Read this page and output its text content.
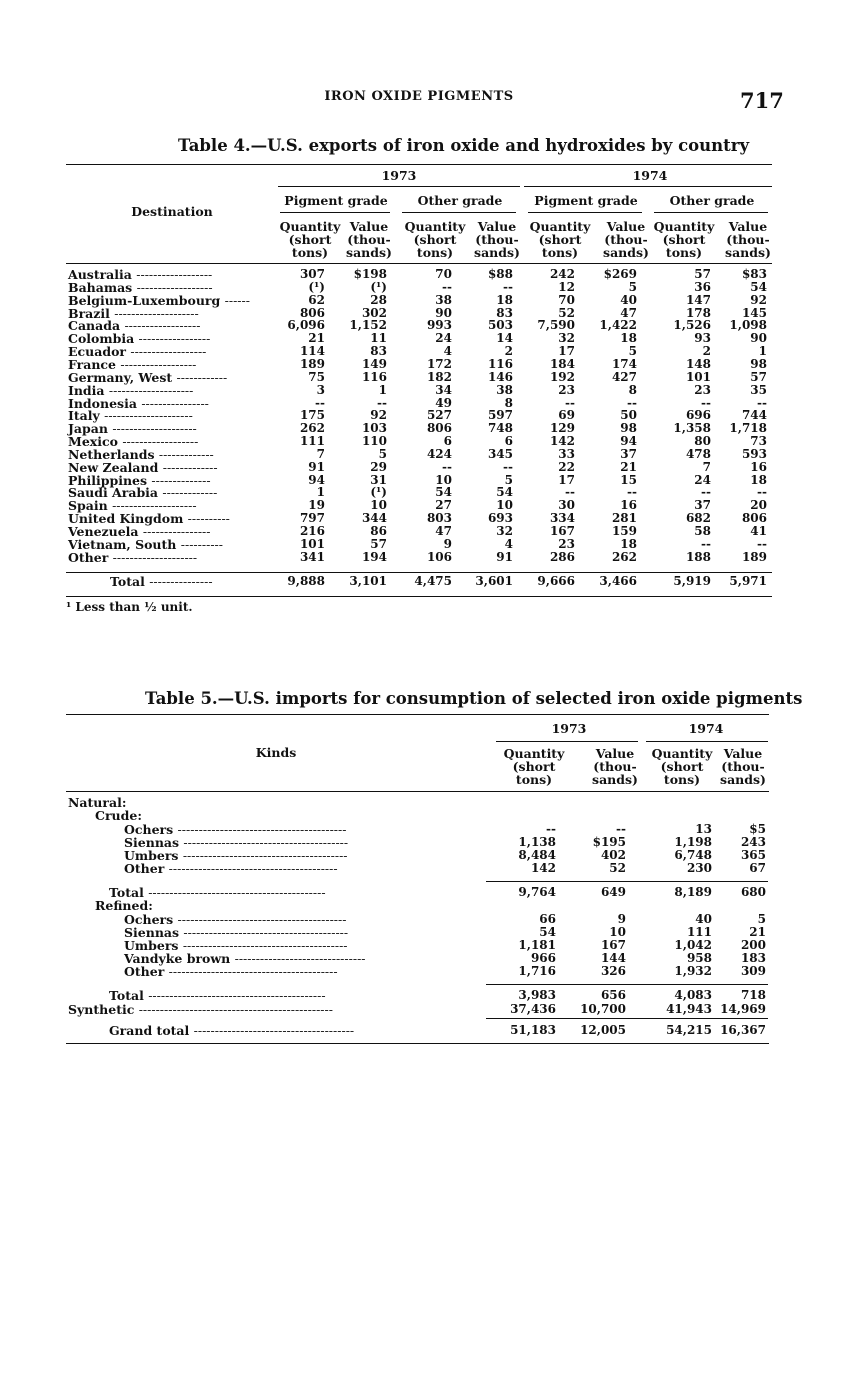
IRON OXIDE PIGMENTS	717
Table 4.—U.S. exports of iron oxide and hydroxides by country
1973	1974
Pigment grade	Other grade	Pigment grade	Other grade
Destination
Quantity
(short
tons)
Value
(thou-
sands)
Quantity
(short
tons)
Value
(thou-
sands)
Quantity
(short
tons)
Value
(thou-
sands)
Quantity
(short
tons)
Value
(thou-
sands)
Australia ------------------	307	$198	70	$88	242	$269	57	$83
Bahamas ------------------	(¹)	(¹)	--	--	12	5	36	54
Belgium-Luxembourg ------	62	28	38	18	70	40	147	92
Brazil --------------------	806	302	90	83	52	47	178	145
Canada ------------------	6,096	1,152	993	503	7,590	1,422	1,526	1,098
Colombia -----------------	21	11	24	14	32	18	93	90
Ecuador ------------------	114	83	4	2	17	5	2	1
France ------------------	189	149	172	116	184	174	148	98
Germany, West ------------	75	116	182	146	192	427	101	57
India --------------------	3	1	34	38	23	8	23	35
Indonesia ----------------	--	--	49	8	--	--	--	--
Italy ---------------------	175	92	527	597	69	50	696	744
Japan --------------------	262	103	806	748	129	98	1,358	1,718
Mexico ------------------	111	110	6	6	142	94	80	73
Netherlands -------------	7	5	424	345	33	37	478	593
New Zealand -------------	91	29	--	--	22	21	7	16
Philippines --------------	94	31	10	5	17	15	24	18
Saudi Arabia -------------	1	(¹)	54	54	--	--	--	--
Spain --------------------	19	10	27	10	30	16	37	20
United Kingdom ----------	797	344	803	693	334	281	682	806
Venezuela ----------------	216	86	47	32	167	159	58	41
Vietnam, South ----------	101	57	9	4	23	18	--	--
Other --------------------	341	194	106	91	286	262	188	189
Total ---------------	9,888	3,101	4,475	3,601	9,666	3,466	5,919	5,971
¹ Less than ½ unit.
Table 5.—U.S. imports for consumption of selected iron oxide pigments
1973	1974
Kinds	Quantity
(short
tons)
Value
(thou-
sands)
Quantity
(short
tons)
Value
(thou-
sands)
Natural:
Crude:
Ochers ----------------------------------------	--	--	13	$5
Siennas ---------------------------------------	1,138	$195	1,198	243
Umbers ---------------------------------------	8,484	402	6,748	365
Other ----------------------------------------	142	52	230	67
Total ------------------------------------------	9,764	649	8,189	680
Refined:
Ochers ----------------------------------------	66	9	40	5
Siennas ---------------------------------------	54	10	111	21
Umbers ---------------------------------------	1,181	167	1,042	200
Vandyke brown -------------------------------	966	144	958	183
Other ----------------------------------------	1,716	326	1,932	309
Total ------------------------------------------	3,983	656	4,083	718
Synthetic ----------------------------------------------	37,436	10,700	41,943 14,969
Grand total --------------------------------------	51,183	12,005	54,215 16,367
